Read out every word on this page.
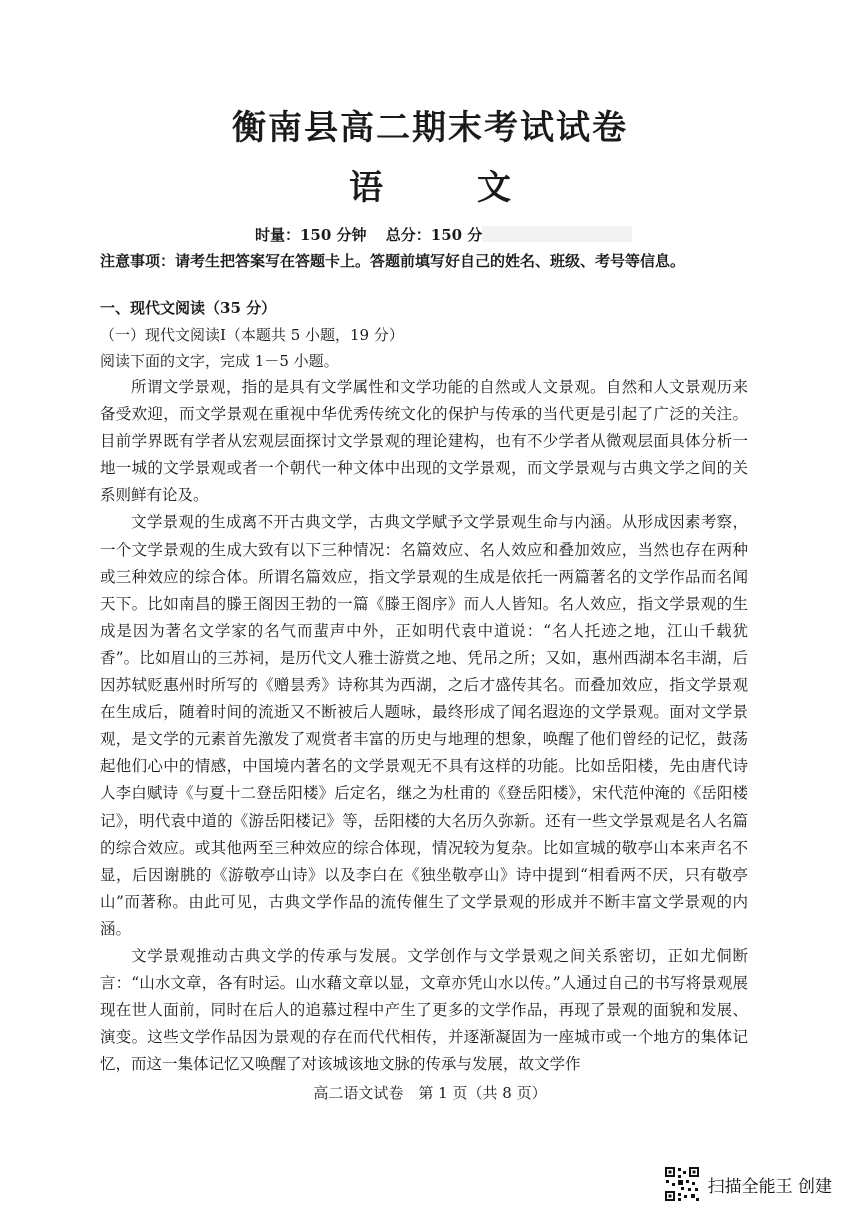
衡南县高二期末考试试卷
语　文
时量：150 分钟 总分：150 分
注意事项：请考生把答案写在答题卡上。答题前填写好自己的姓名、班级、考号等信息。
一、现代文阅读（35 分）
（一）现代文阅读Ⅰ（本题共 5 小题，19 分）
阅读下面的文字，完成 1－5 小题。

所谓文学景观，指的是具有文学属性和文学功能的自然或人文景观。自然和人文景观历来备受欢迎，而文学景观在重视中华优秀传统文化的保护与传承的当代更是引起了广泛的关注。目前学界既有学者从宏观层面探讨文学景观的理论建构，也有不少学者从微观层面具体分析一地一城的文学景观或者一个朝代一种文体中出现的文学景观，而文学景观与古典文学之间的关系则鲜有论及。

文学景观的生成离不开古典文学，古典文学赋予文学景观生命与内涵。从形成因素考察，一个文学景观的生成大致有以下三种情况：名篇效应、名人效应和叠加效应，当然也存在两种或三种效应的综合体。所谓名篇效应，指文学景观的生成是依托一两篇著名的文学作品而名闻天下。比如南昌的滕王阁因王勃的一篇《滕王阁序》而人人皆知。名人效应，指文学景观的生成是因为著名文学家的名气而蜚声中外，正如明代袁中道说：“名人托迹之地，江山千载犹香”。比如眉山的三苏祠，是历代文人雅士游赏之地、凭吊之所；又如，惠州西湖本名丰湖，后因苏轼贬惠州时所写的《赠昙秀》诗称其为西湖，之后才盛传其名。而叠加效应，指文学景观在生成后，随着时间的流逝又不断被后人题咏，最终形成了闻名遐迩的文学景观。面对文学景观，是文学的元素首先激发了观赏者丰富的历史与地理的想象，唤醒了他们曾经的记忆，鼓荡起他们心中的情感，中国境内著名的文学景观无不具有这样的功能。比如岳阳楼，先由唐代诗人李白赋诗《与夏十二登岳阳楼》后定名，继之为杜甫的《登岳阳楼》，宋代范仲淹的《岳阳楼记》，明代袁中道的《游岳阳楼记》等，岳阳楼的大名历久弥新。还有一些文学景观是名人名篇的综合效应。或其他两至三种效应的综合体现，情况较为复杂。比如宣城的敬亭山本来声名不显，后因谢朓的《游敬亭山诗》以及李白在《独坐敬亭山》诗中提到“相看两不厌，只有敬亭山”而著称。由此可见，古典文学作品的流传催生了文学景观的形成并不断丰富文学景观的内涵。

文学景观推动古典文学的传承与发展。文学创作与文学景观之间关系密切，正如尤侗断言：“山水文章，各有时运。山水藉文章以显，文章亦凭山水以传。”人通过自己的书写将景观展现在世人面前，同时在后人的追慕过程中产生了更多的文学作品，再现了景观的面貌和发展、演变。这些文学作品因为景观的存在而代代相传，并逐渐凝固为一座城市或一个地方的集体记忆，而这一集体记忆又唤醒了对该城该地文脉的传承与发展，故文学作

高二语文试卷　第 1 页（共 8 页）
扫描全能王 创建
